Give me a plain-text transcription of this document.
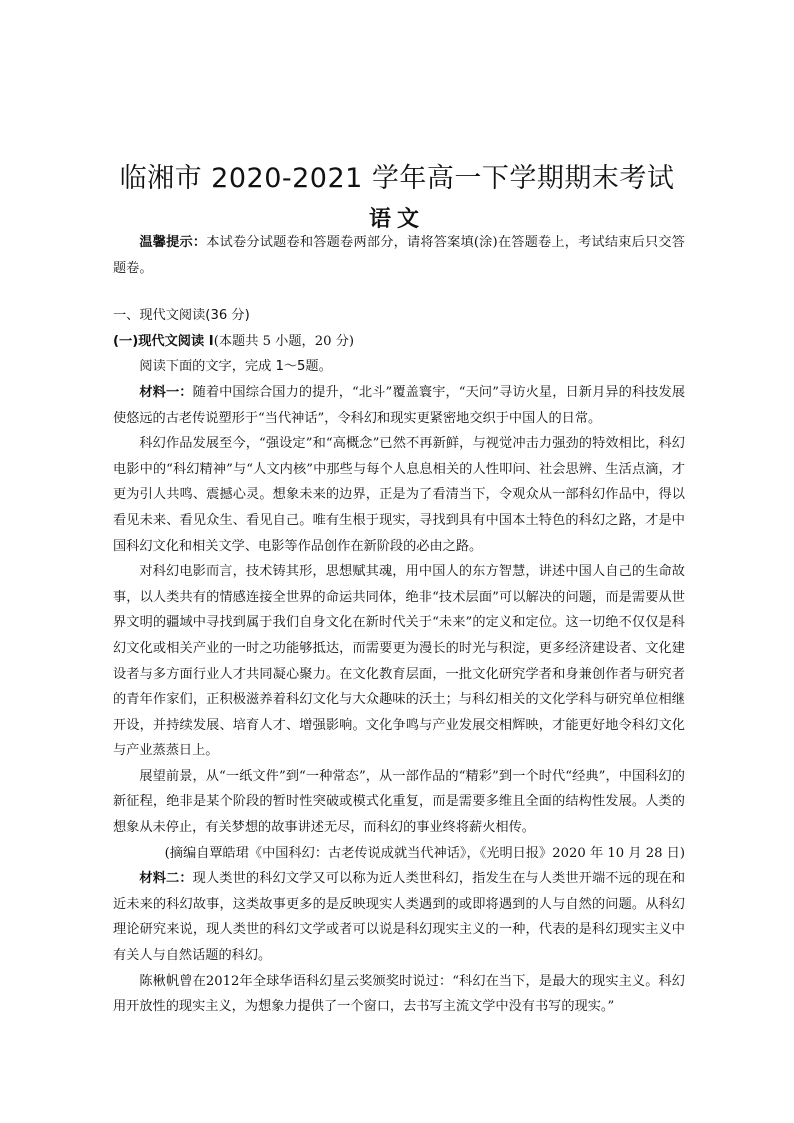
临湘市 2020-2021 学年高一下学期期末考试
语文

温馨提示：本试卷分试题卷和答题卷两部分，请将答案填(涂)在答题卷上，考试结束后只交答题卷。

一、现代文阅读(36 分)

(一)现代文阅读 I(本题共 5 小题，20 分)

阅读下面的文字，完成 1～5题。

材料一：随着中国综合国力的提升，“北斗”覆盖寰宇，“天问”寻访火星，日新月异的科技发展使悠远的古老传说塑形于“当代神话”，令科幻和现实更紧密地交织于中国人的日常。

科幻作品发展至今，“强设定”和“高概念”已然不再新鲜，与视觉冲击力强劲的特效相比，科幻电影中的“科幻精神”与“人文内核”中那些与每个人息息相关的人性叩问、社会思辨、生活点滴，才更为引人共鸣、震撼心灵。想象未来的边界，正是为了看清当下，令观众从一部科幻作品中，得以看见未来、看见众生、看见自己。唯有生根于现实，寻找到具有中国本土特色的科幻之路，才是中国科幻文化和相关文学、电影等作品创作在新阶段的必由之路。

对科幻电影而言，技术铸其形，思想赋其魂，用中国人的东方智慧，讲述中国人自己的生命故事，以人类共有的情感连接全世界的命运共同体，绝非“技术层面”可以解决的问题，而是需要从世界文明的疆域中寻找到属于我们自身文化在新时代关于“未来”的定义和定位。这一切绝不仅仅是科幻文化或相关产业的一时之功能够抵达，而需要更为漫长的时光与积淀，更多经济建设者、文化建设者与多方面行业人才共同凝心聚力。在文化教育层面，一批文化研究学者和身兼创作者与研究者的青年作家们，正积极滋养着科幻文化与大众趣味的沃土；与科幻相关的文化学科与研究单位相继开设，并持续发展、培育人才、增强影响。文化争鸣与产业发展交相辉映，才能更好地令科幻文化与产业蒸蒸日上。

展望前景，从“一纸文件”到“一种常态”，从一部作品的“精彩”到一个时代“经典”，中国科幻的新征程，绝非是某个阶段的暂时性突破或模式化重复，而是需要多维且全面的结构性发展。人类的想象从未停止，有关梦想的故事讲述无尽，而科幻的事业终将薪火相传。

(摘编自覃皓珺《中国科幻：古老传说成就当代神话》，《光明日报》2020 年 10 月 28 日)

材料二：现人类世的科幻文学又可以称为近人类世科幻，指发生在与人类世开端不远的现在和近未来的科幻故事，这类故事更多的是反映现实人类遇到的或即将遇到的人与自然的问题。从科幻理论研究来说，现人类世的科幻文学或者可以说是科幻现实主义的一种，代表的是科幻现实主义中有关人与自然话题的科幻。

陈楸帆曾在2012年全球华语科幻星云奖颁奖时说过：“科幻在当下，是最大的现实主义。科幻用开放性的现实主义，为想象力提供了一个窗口，去书写主流文学中没有书写的现实。”
